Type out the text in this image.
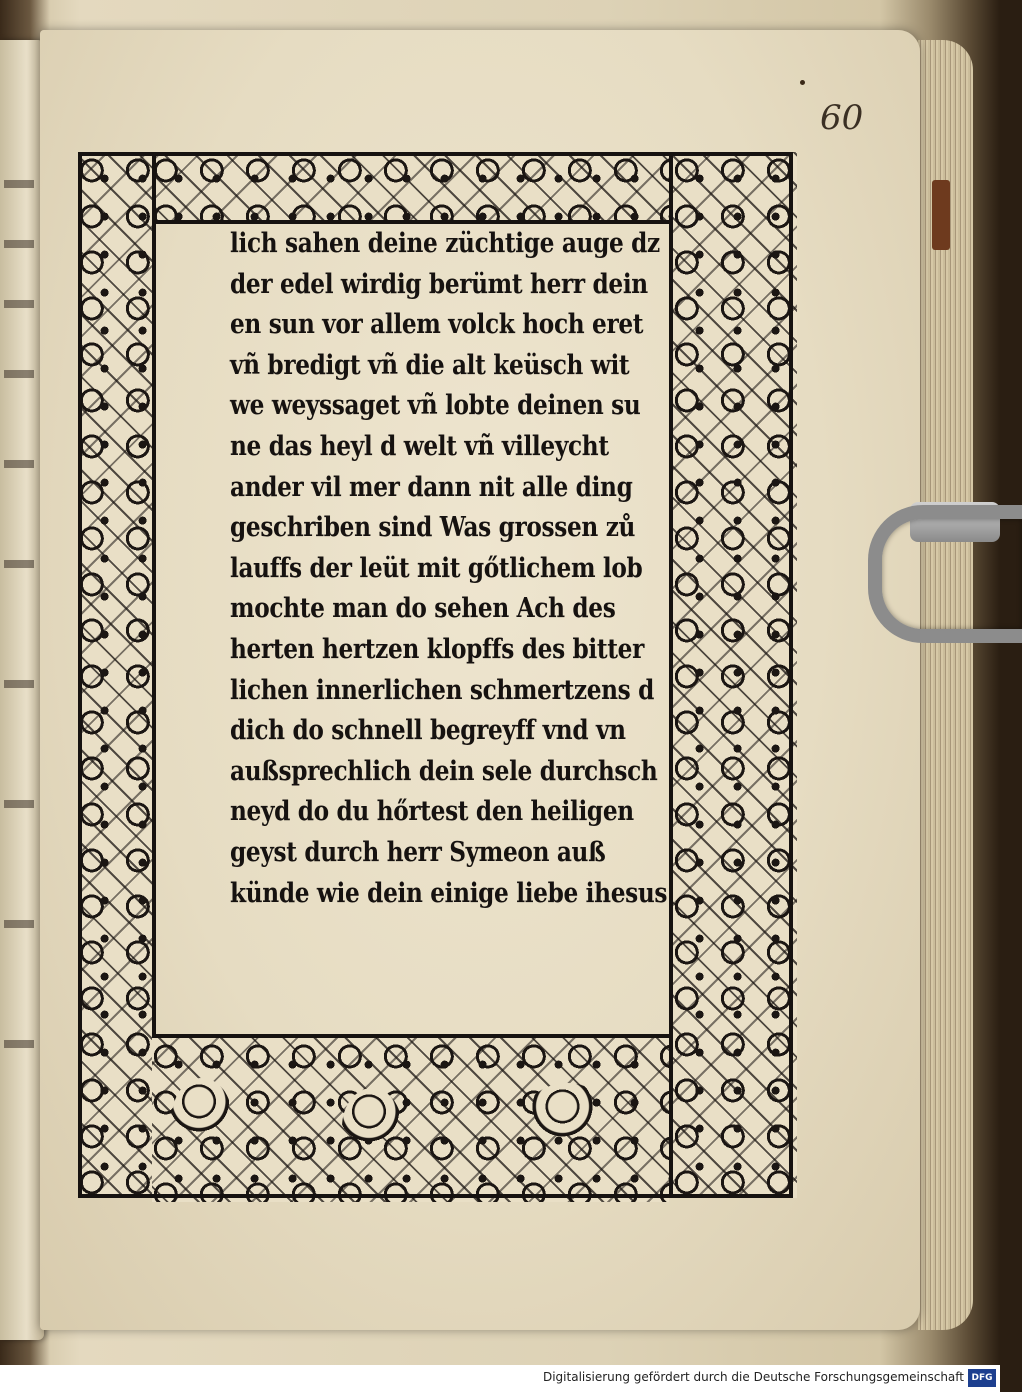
60
lich sahen deine züchtige auge dz
der edel wirdig berümt herr dein
en sun vor allem volck hoch eret
vñ bredigt vñ die alt keüsch wit
we weyssaget vñ lobte deinen su
ne das heyl d welt vñ villeycht
ander vil mer dann nit alle ding
geschriben sind Was grossen zů
lauffs der leüt mit gőtlichem lob
mochte man do sehen Ach des
herten hertzen klopffs des bitter
lichen innerlichen schmertzens d
dich do schnell begreyff vnd vn
außsprechlich dein sele durchsch
neyd do du hőrtest den heiligen
geyst durch herr Symeon auß
künde wie dein einige liebe ihesus
Digitalisierung gefördert durch die Deutsche Forschungsgemeinschaft DFG
